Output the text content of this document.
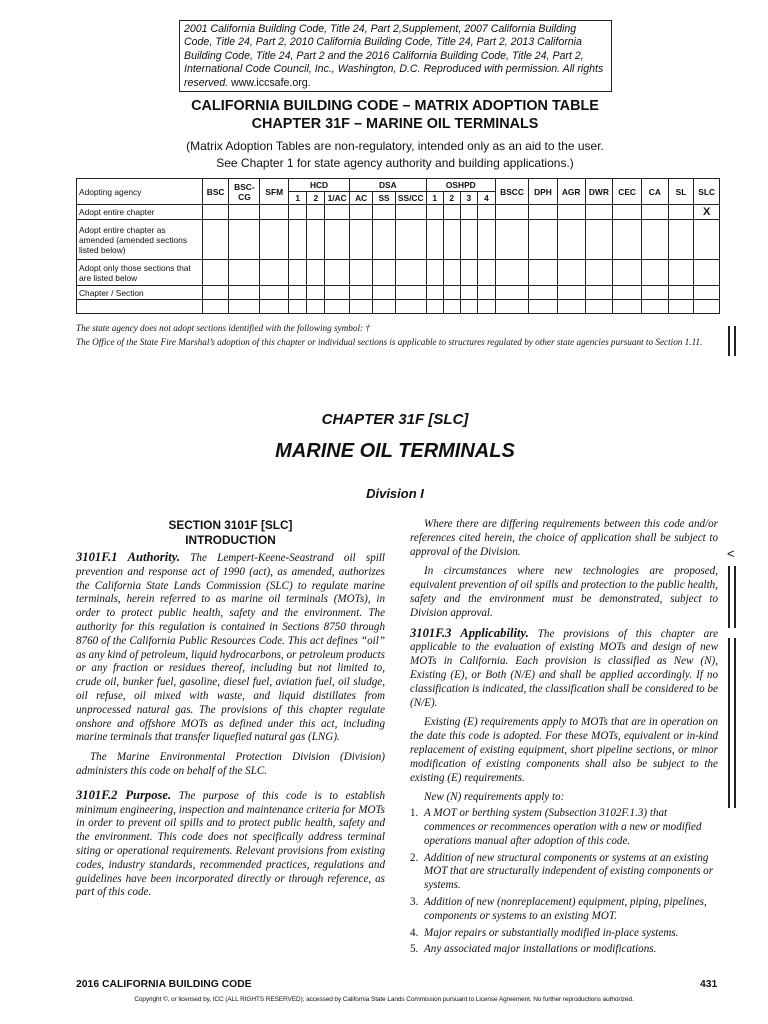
2001 California Building Code, Title 24, Part 2,Supplement, 2007 California Building Code, Title 24, Part 2, 2010 California Building Code, Title 24, Part 2, 2013 California Building Code, Title 24, Part 2 and the 2016 California Building Code, Title 24, Part 2, International Code Council, Inc., Washington, D.C. Reproduced with permission. All rights reserved. www.iccsafe.org.
CALIFORNIA BUILDING CODE – MATRIX ADOPTION TABLE
CHAPTER 31F – MARINE OIL TERMINALS
(Matrix Adoption Tables are non-regulatory, intended only as an aid to the user.
See Chapter 1 for state agency authority and building applications.)
Adopting agency	BSC	BSC-CG	SFM	HCD			DSA			OSHPD				BSCC	DPH	AGR	DWR	CEC	CA	SL	SLC
				1	2	1/AC	AC	SS	SS/CC	1	2	3	4								
Adopt entire chapter																					X
Adopt entire chapter as amended (amended sections listed below)																					
Adopt only those sections that are listed below																					
Chapter / Section																					

The state agency does not adopt sections identified with the following symbol: †
The Office of the State Fire Marshal’s adoption of this chapter or individual sections is applicable to structures regulated by other state agencies pursuant to Section 1.11.
<
CHAPTER 31F [SLC]
MARINE OIL TERMINALS
Division I
SECTION 3101F [SLC]
INTRODUCTION

3101F.1 Authority. The Lempert-Keene-Seastrand oil spill prevention and response act of 1990 (act), as amended, authorizes the California State Lands Commission (SLC) to regulate marine terminals, herein referred to as marine oil terminals (MOTs), in order to protect public health, safety and the environment. The authority for this regulation is contained in Sections 8750 through 8760 of the California Public Resources Code. This act defines “oil” as any kind of petroleum, liquid hydrocarbons, or petroleum products or any fraction or residues thereof, including but not limited to, crude oil, bunker fuel, gasoline, diesel fuel, aviation fuel, oil sludge, oil refuse, oil mixed with waste, and liquid distillates from unprocessed natural gas. The provisions of this chapter regulate onshore and offshore MOTs as defined under this act, including marine terminals that transfer liquefied natural gas (LNG).

The Marine Environmental Protection Division (Division) administers this code on behalf of the SLC.

3101F.2 Purpose. The purpose of this code is to establish minimum engineering, inspection and maintenance criteria for MOTs in order to prevent oil spills and to protect public health, safety and the environment. This code does not specifically address terminal siting or operational requirements. Relevant provisions from existing codes, industry standards, recommended practices, regulations and guidelines have been incorporated directly or through reference, as part of this code.

Where there are differing requirements between this code and/or references cited herein, the choice of application shall be subject to approval of the Division.

In circumstances where new technologies are proposed, equivalent prevention of oil spills and protection to the public health, safety and the environment must be demonstrated, subject to Division approval.

3101F.3 Applicability. The provisions of this chapter are applicable to the evaluation of existing MOTs and design of new MOTs in California. Each provision is classified as New (N), Existing (E), or Both (N/E) and shall be applied accordingly. If no classification is indicated, the classification shall be considered to be (N/E).

Existing (E) requirements apply to MOTs that are in operation on the date this code is adopted. For these MOTs, equivalent or in-kind replacement of existing equipment, short pipeline sections, or minor modification of existing components shall also be subject to the existing (E) requirements.

New (N) requirements apply to:

1. A MOT or berthing system (Subsection 3102F.1.3) that commences or recommences operation with a new or modified operations manual after adoption of this code.
2. Addition of new structural components or systems at an existing MOT that are structurally independent of existing components or systems.
3. Addition of new (nonreplacement) equipment, piping, pipelines, components or systems to an existing MOT.
4. Major repairs or substantially modified in-place systems.
5. Any associated major installations or modifications.
2016 CALIFORNIA BUILDING CODE	431
Copyright ©, or licensed by, ICC (ALL RIGHTS RESERVED); accessed by California State Lands Commission pursuant to License Agreement. No further reproductions authorized.
